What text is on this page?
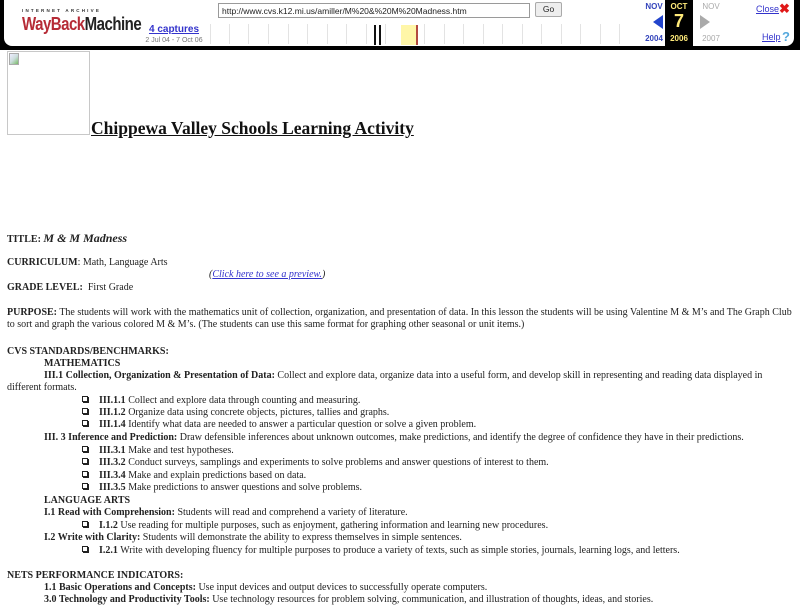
INTERNET ARCHIVE
WayBackMachine 4 captures
2 Jul 04 - 7 Oct 06
http://www.cvs.k12.mi.us/amiller/M%20&%20M%20Madness.htm
Go	NOV
2004
OCT
7
2006
NOV
2007
Close ✖
Help ?
Chippewa Valley Schools Learning Activity
TITLE: M & M Madness
CURRICULUM: Math, Language Arts
(Click here to see a preview.)
GRADE LEVEL:  First Grade
PURPOSE: The students will work with the mathematics unit of collection, organization, and presentation of data. In this lesson the students will be using Valentine M & M’s and The Graph Club to sort and graph the various colored M & M’s. (The students can use this same format for graphing other seasonal or unit items.)
CVS STANDARDS/BENCHMARKS:
MATHEMATICS
III.1 Collection, Organization & Presentation of Data: Collect and explore data, organize data into a useful form, and develop skill in representing and reading data displayed in
different formats.
III.1.1 Collect and explore data through counting and measuring.
III.1.2 Organize data using concrete objects, pictures, tallies and graphs.
III.1.4 Identify what data are needed to answer a particular question or solve a given problem.
III. 3 Inference and Prediction: Draw defensible inferences about unknown outcomes, make predictions, and identify the degree of confidence they have in their predictions.
III.3.1 Make and test hypotheses.
III.3.2 Conduct surveys, samplings and experiments to solve problems and answer questions of interest to them.
III.3.4 Make and explain predictions based on data.
III.3.5 Make predictions to answer questions and solve problems.
LANGUAGE ARTS
I.1 Read with Comprehension: Students will read and comprehend a variety of literature.
I.1.2 Use reading for multiple purposes, such as enjoyment, gathering information and learning new procedures.
I.2 Write with Clarity: Students will demonstrate the ability to express themselves in simple sentences.
I.2.1 Write with developing fluency for multiple purposes to produce a variety of texts, such as simple stories, journals, learning logs, and letters.
NETS PERFORMANCE INDICATORS:
1.1 Basic Operations and Concepts: Use input devices and output devices to successfully operate computers.
3.0 Technology and Productivity Tools: Use technology resources for problem solving, communication, and illustration of thoughts, ideas, and stories.
